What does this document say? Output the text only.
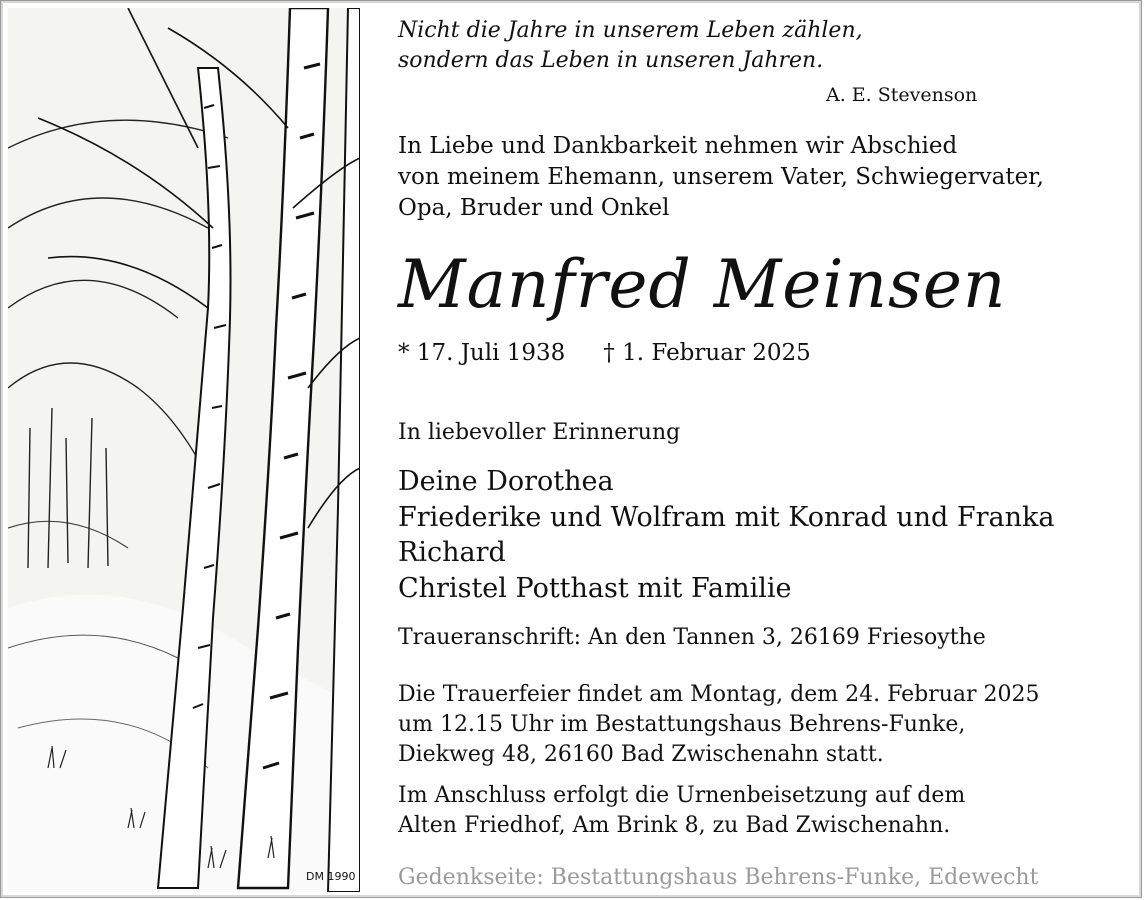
DM 1990

Nicht die Jahre in unserem Leben zählen,

sondern das Leben in unseren Jahren.

A. E. Stevenson

In Liebe und Dankbarkeit nehmen wir Abschied

von meinem Ehemann, unserem Vater, Schwiegervater,

Opa, Bruder und Onkel

Manfred Meinsen

* 17. Juli 1938 † 1. Februar 2025

In liebevoller Erinnerung

Deine Dorothea

Friederike und Wolfram mit Konrad und Franka

Richard

Christel Potthast mit Familie

Traueranschrift: An den Tannen 3, 26169 Friesoythe

Die Trauerfeier findet am Montag, dem 24. Februar 2025

um 12.15 Uhr im Bestattungshaus Behrens-Funke,

Diekweg 48, 26160 Bad Zwischenahn statt.

Im Anschluss erfolgt die Urnenbeisetzung auf dem

Alten Friedhof, Am Brink 8, zu Bad Zwischenahn.

Gedenkseite: Bestattungshaus Behrens-Funke, Edewecht
